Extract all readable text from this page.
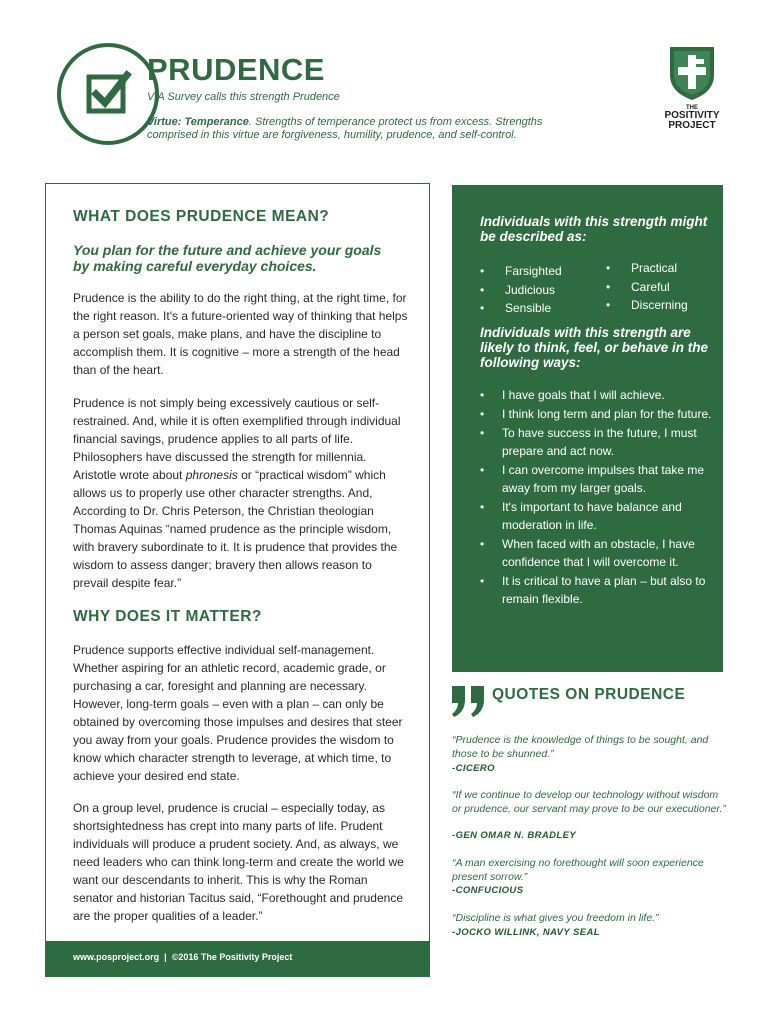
PRUDENCE
VIA Survey calls this strength Prudence
Virtue: Temperance. Strengths of temperance protect us from excess. Strengths comprised in this virtue are forgiveness, humility, prudence, and self-control.
THE
POSITIVITY
PROJECT
WHAT DOES PRUDENCE MEAN?
You plan for the future and achieve your goals by making careful everyday choices.
Prudence is the ability to do the right thing, at the right time, for the right reason. It's a future-oriented way of thinking that helps a person set goals, make plans, and have the discipline to accomplish them. It is cognitive – more a strength of the head than of the heart.
Prudence is not simply being excessively cautious or self-restrained. And, while it is often exemplified through individual financial savings, prudence applies to all parts of life. Philosophers have discussed the strength for millennia. Aristotle wrote about phronesis or “practical wisdom” which allows us to properly use other character strengths. And, According to Dr. Chris Peterson, the Christian theologian Thomas Aquinas “named prudence as the principle wisdom, with bravery subordinate to it. It is prudence that provides the wisdom to assess danger; bravery then allows reason to prevail despite fear.”
WHY DOES IT MATTER?
Prudence supports effective individual self-management. Whether aspiring for an athletic record, academic grade, or purchasing a car, foresight and planning are necessary. However, long-term goals – even with a plan – can only be obtained by overcoming those impulses and desires that steer you away from your goals. Prudence provides the wisdom to know which character strength to leverage, at which time, to achieve your desired end state.
On a group level, prudence is crucial – especially today, as shortsightedness has crept into many parts of life. Prudent individuals will produce a prudent society. And, as always, we need leaders who can think long-term and create the world we want our descendants to inherit. This is why the Roman senator and historian Tacitus said, “Forethought and prudence are the proper qualities of a leader.”
www.posproject.org  |  ©2016 The Positivity Project
Individuals with this strength might be described as:
• Farsighted
• Judicious
• Sensible
• Practical
• Careful
• Discerning
Individuals with this strength are likely to think, feel, or behave in the following ways:
• I have goals that I will achieve.
• I think long term and plan for the future.
• To have success in the future, I must prepare and act now.
• I can overcome impulses that take me away from my larger goals.
• It's important to have balance and moderation in life.
• When faced with an obstacle, I have confidence that I will overcome it.
• It is critical to have a plan – but also to remain flexible.
QUOTES ON PRUDENCE
“Prudence is the knowledge of things to be sought, and those to be shunned.”
-CICERO
“If we continue to develop our technology without wisdom or prudence, our servant may prove to be our executioner.”
-GEN OMAR N. BRADLEY
“A man exercising no forethought will soon experience present sorrow.”
-CONFUCIOUS
“Discipline is what gives you freedom in life.”
-JOCKO WILLINK, NAVY SEAL
